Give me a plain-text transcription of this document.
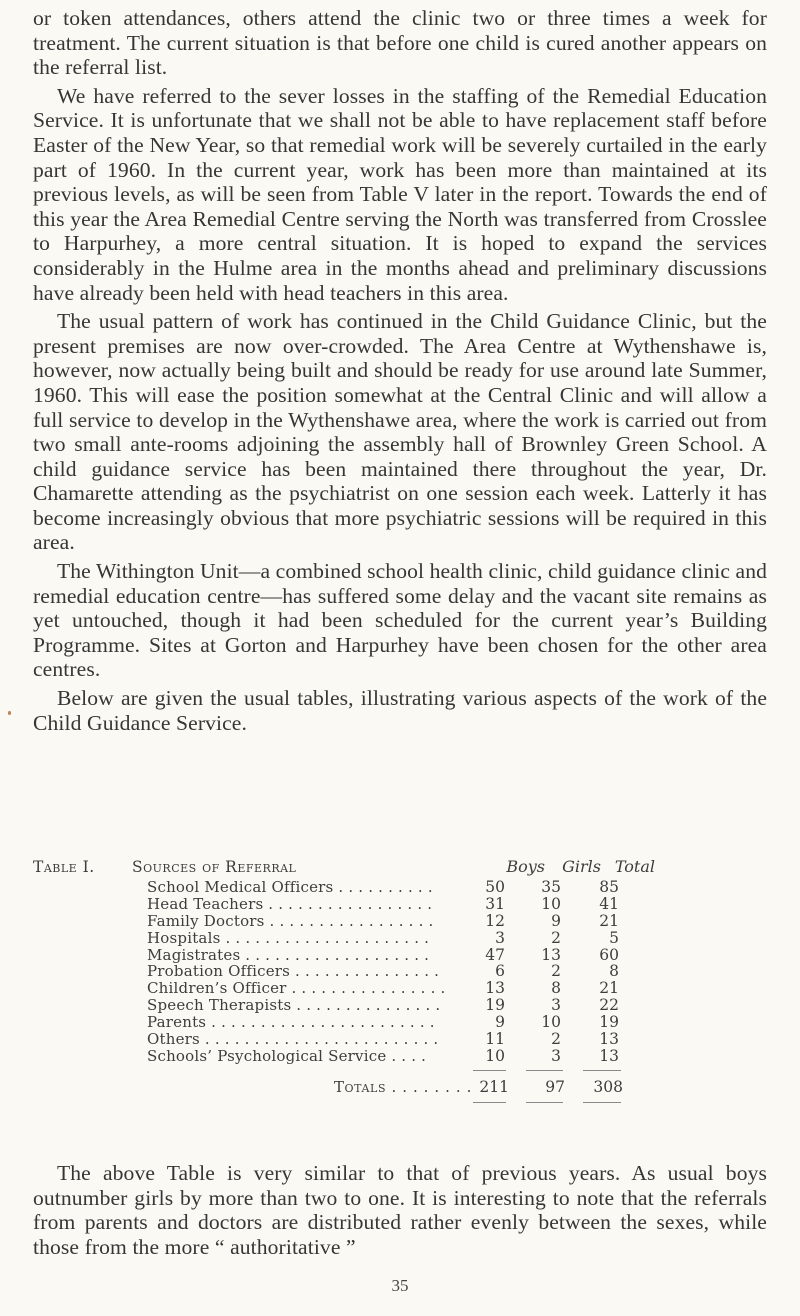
or token attendances, others attend the clinic two or three times a week for treatment. The current situation is that before one child is cured another appears on the referral list.

We have referred to the sever losses in the staffing of the Remedial Education Service. It is unfortunate that we shall not be able to have replacement staff before Easter of the New Year, so that remedial work will be severely curtailed in the early part of 1960. In the current year, work has been more than maintained at its previous levels, as will be seen from Table V later in the report. Towards the end of this year the Area Remedial Centre serving the North was transferred from Crosslee to Harpurhey, a more central situation. It is hoped to expand the services considerably in the Hulme area in the months ahead and preliminary discussions have already been held with head teachers in this area.

The usual pattern of work has continued in the Child Guidance Clinic, but the present premises are now over-crowded. The Area Centre at Wythenshawe is, however, now actually being built and should be ready for use around late Summer, 1960. This will ease the position somewhat at the Central Clinic and will allow a full service to develop in the Wythenshawe area, where the work is carried out from two small ante-rooms adjoining the assembly hall of Brownley Green School. A child guidance service has been maintained there throughout the year, Dr. Chamarette attending as the psychiatrist on one session each week. Latterly it has become increasingly obvious that more psychiatric sessions will be required in this area.

The Withington Unit—a combined school health clinic, child guidance clinic and remedial education centre—has suffered some delay and the vacant site remains as yet untouched, though it had been scheduled for the current year’s Building Programme. Sites at Gorton and Harpurhey have been chosen for the other area centres.

Below are given the usual tables, illustrating various aspects of the work of the Child Guidance Service.

Table I.	Sources of Referral	Boys	Girls Total
School Medical Officers . . . . . . . . . .	50	35	85
Head Teachers . . . . . . . . . . . . . . . . .	31	10	41
Family Doctors . . . . . . . . . . . . . . . . .	12	9	21
Hospitals . . . . . . . . . . . . . . . . . . . . .	3	2	5
Magistrates . . . . . . . . . . . . . . . . . . .	47	13	60
Probation Officers . . . . . . . . . . . . . . .	6	2	8
Children’s Officer . . . . . . . . . . . . . . . .	13	8	21
Speech Therapists . . . . . . . . . . . . . . .	19	3	22
Parents . . . . . . . . . . . . . . . . . . . . . . .	9	10	19
Others . . . . . . . . . . . . . . . . . . . . . . . .	11	2	13
Schools’ Psychological Service . . . .	10	3	13
Totals . . . . . . . . 211	97	308

The above Table is very similar to that of previous years. As usual boys outnumber girls by more than two to one. It is interesting to note that the referrals from parents and doctors are distributed rather evenly between the sexes, while those from the more “ authoritative ”

35
